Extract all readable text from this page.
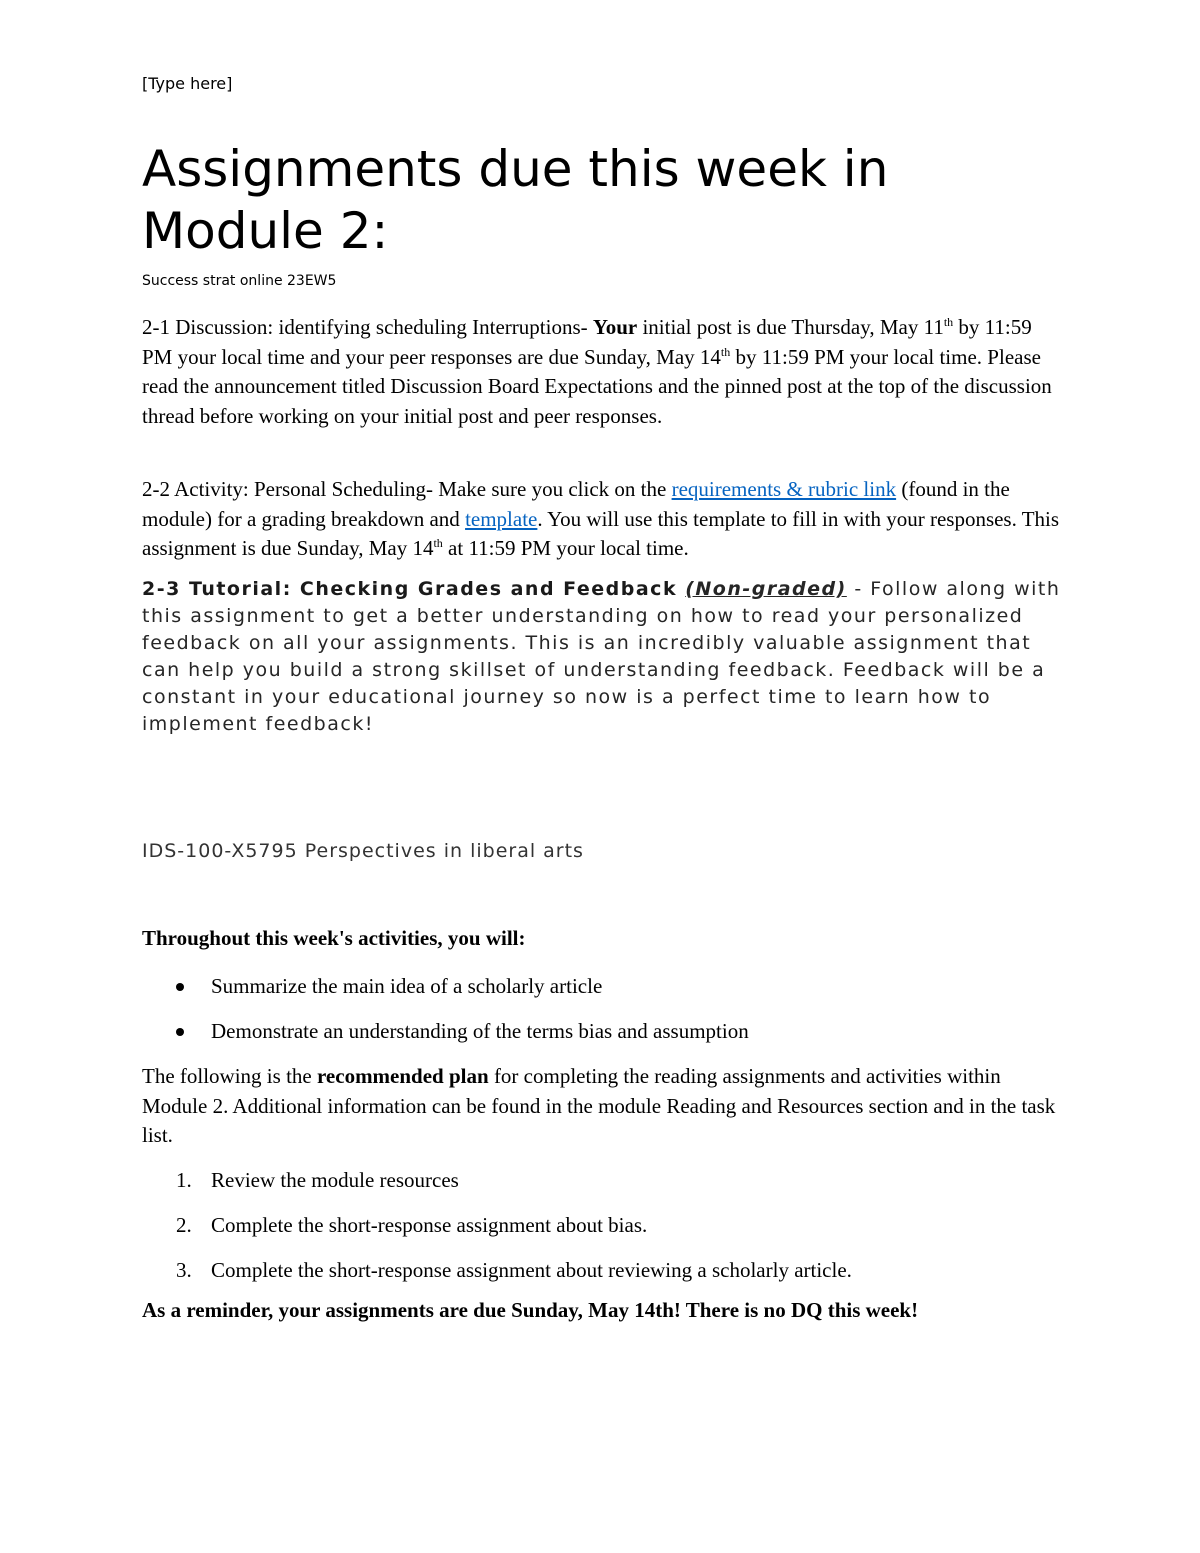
[Type here]
Assignments due this week in Module 2:
Success strat online 23EW5

2-1 Discussion: identifying scheduling Interruptions- Your initial post is due Thursday, May 11th by 11:59 PM your local time and your peer responses are due Sunday, May 14th by 11:59 PM your local time. Please read the announcement titled Discussion Board Expectations and the pinned post at the top of the discussion thread before working on your initial post and peer responses.

2-2 Activity: Personal Scheduling- Make sure you click on the requirements & rubric link (found in the module) for a grading breakdown and template. You will use this template to fill in with your responses. This assignment is due Sunday, May 14th at 11:59 PM your local time.

2-3 Tutorial: Checking Grades and Feedback (Non-graded) - Follow along with this assignment to get a better understanding on how to read your personalized feedback on all your assignments. This is an incredibly valuable assignment that can help you build a strong skillset of understanding feedback. Feedback will be a constant in your educational journey so now is a perfect time to learn how to implement feedback!

IDS-100-X5795 Perspectives in liberal arts
Throughout this week's activities, you will:
Summarize the main idea of a scholarly article
Demonstrate an understanding of the terms bias and assumption

The following is the recommended plan for completing the reading assignments and activities within Module 2. Additional information can be found in the module Reading and Resources section and in the task list.

1. Review the module resources
2. Complete the short-response assignment about bias.
3. Complete the short-response assignment about reviewing a scholarly article.
As a reminder, your assignments are due Sunday, May 14th! There is no DQ this week!
